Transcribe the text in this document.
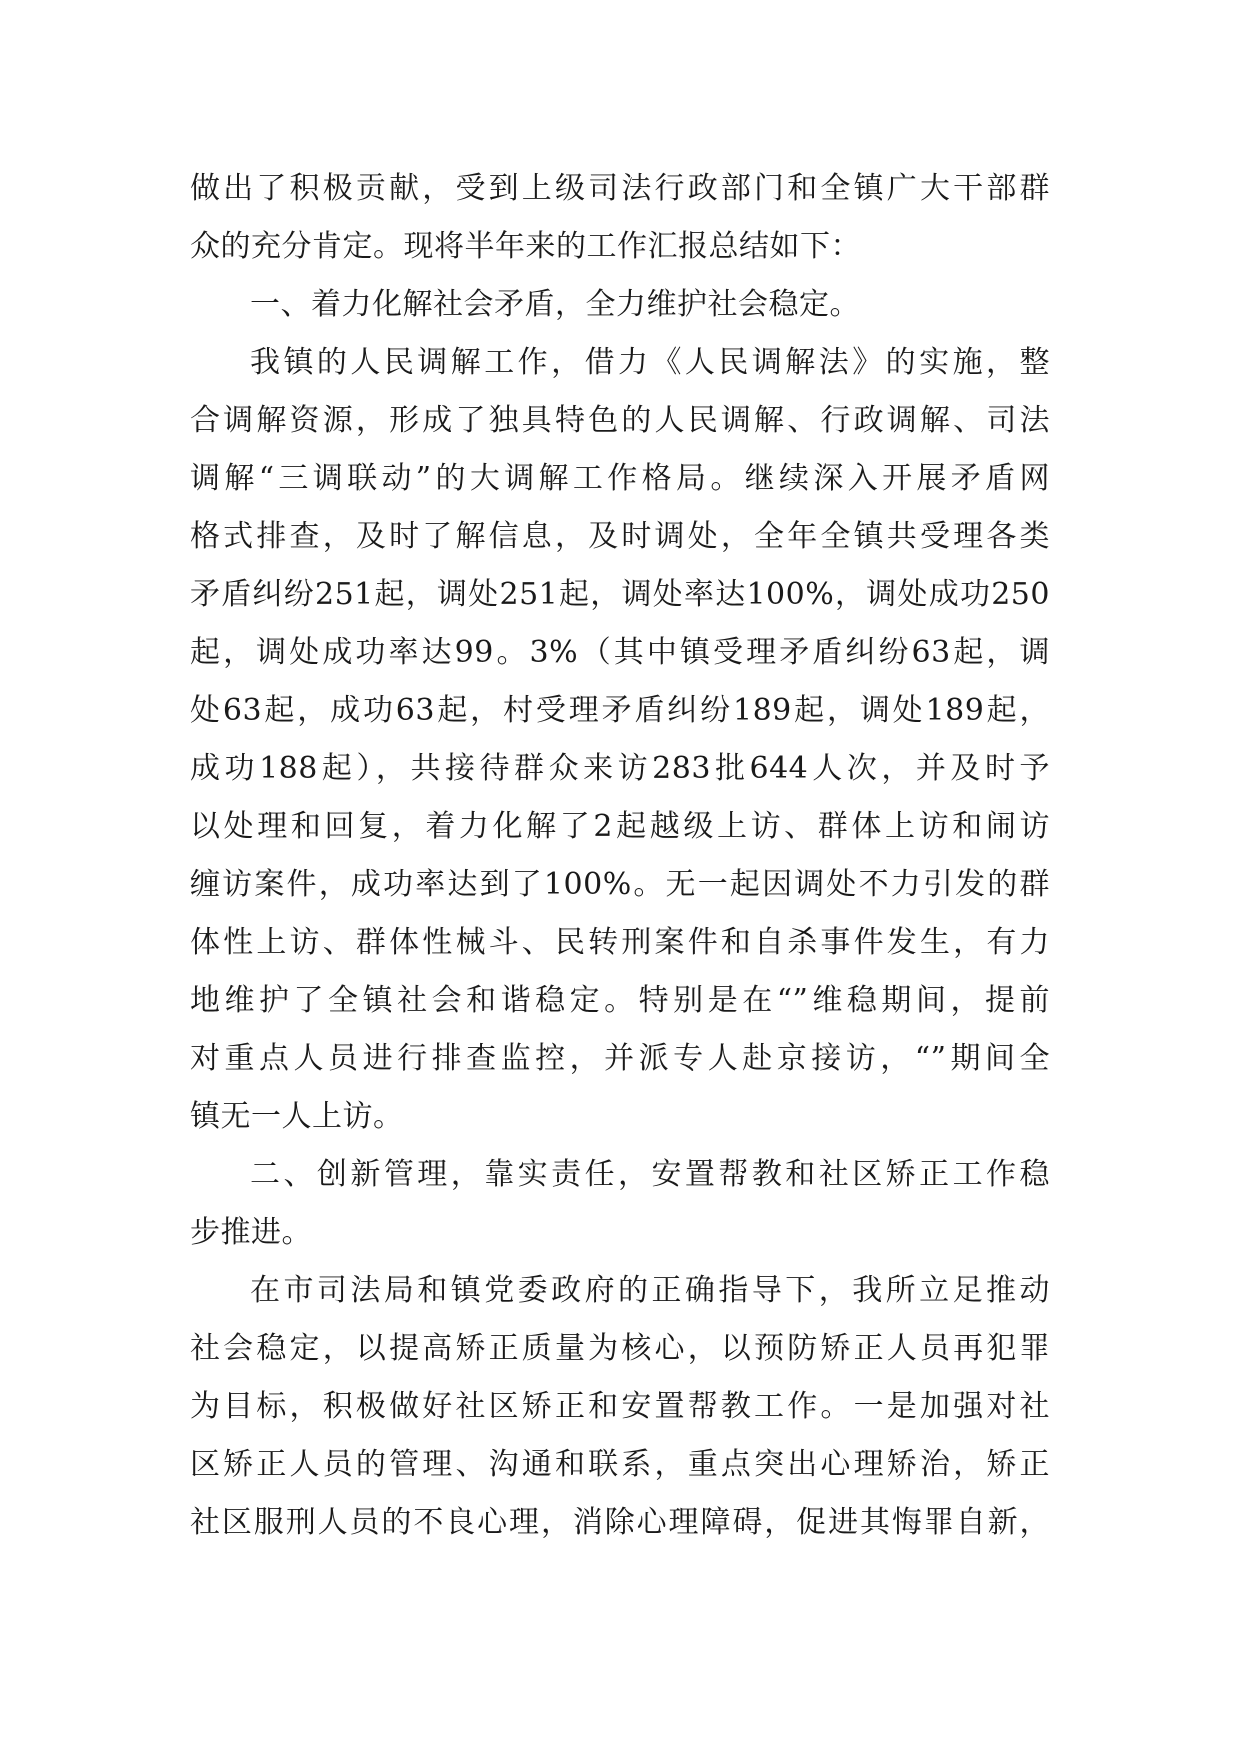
做出了积极贡献，受到上级司法行政部门和全镇广大干部群
众的充分肯定。现将半年来的工作汇报总结如下：
一、着力化解社会矛盾，全力维护社会稳定。
我镇的人民调解工作，借力《人民调解法》的实施，整
合调解资源，形成了独具特色的人民调解、行政调解、司法
调解“三调联动”的大调解工作格局。继续深入开展矛盾网
格式排查，及时了解信息，及时调处，全年全镇共受理各类
矛盾纠纷251起，调处251起，调处率达100%，调处成功250
起，调处成功率达99。3%（其中镇受理矛盾纠纷63起，调
处63起，成功63起，村受理矛盾纠纷189起，调处189起，
成功188起），共接待群众来访283批644人次，并及时予
以处理和回复，着力化解了2起越级上访、群体上访和闹访
缠访案件，成功率达到了100%。无一起因调处不力引发的群
体性上访、群体性械斗、民转刑案件和自杀事件发生，有力
地维护了全镇社会和谐稳定。特别是在“”维稳期间，提前
对重点人员进行排查监控，并派专人赴京接访，“”期间全
镇无一人上访。
二、创新管理，靠实责任，安置帮教和社区矫正工作稳
步推进。
在市司法局和镇党委政府的正确指导下，我所立足推动
社会稳定，以提高矫正质量为核心，以预防矫正人员再犯罪
为目标，积极做好社区矫正和安置帮教工作。一是加强对社
区矫正人员的管理、沟通和联系，重点突出心理矫治，矫正
社区服刑人员的不良心理，消除心理障碍，促进其悔罪自新，
